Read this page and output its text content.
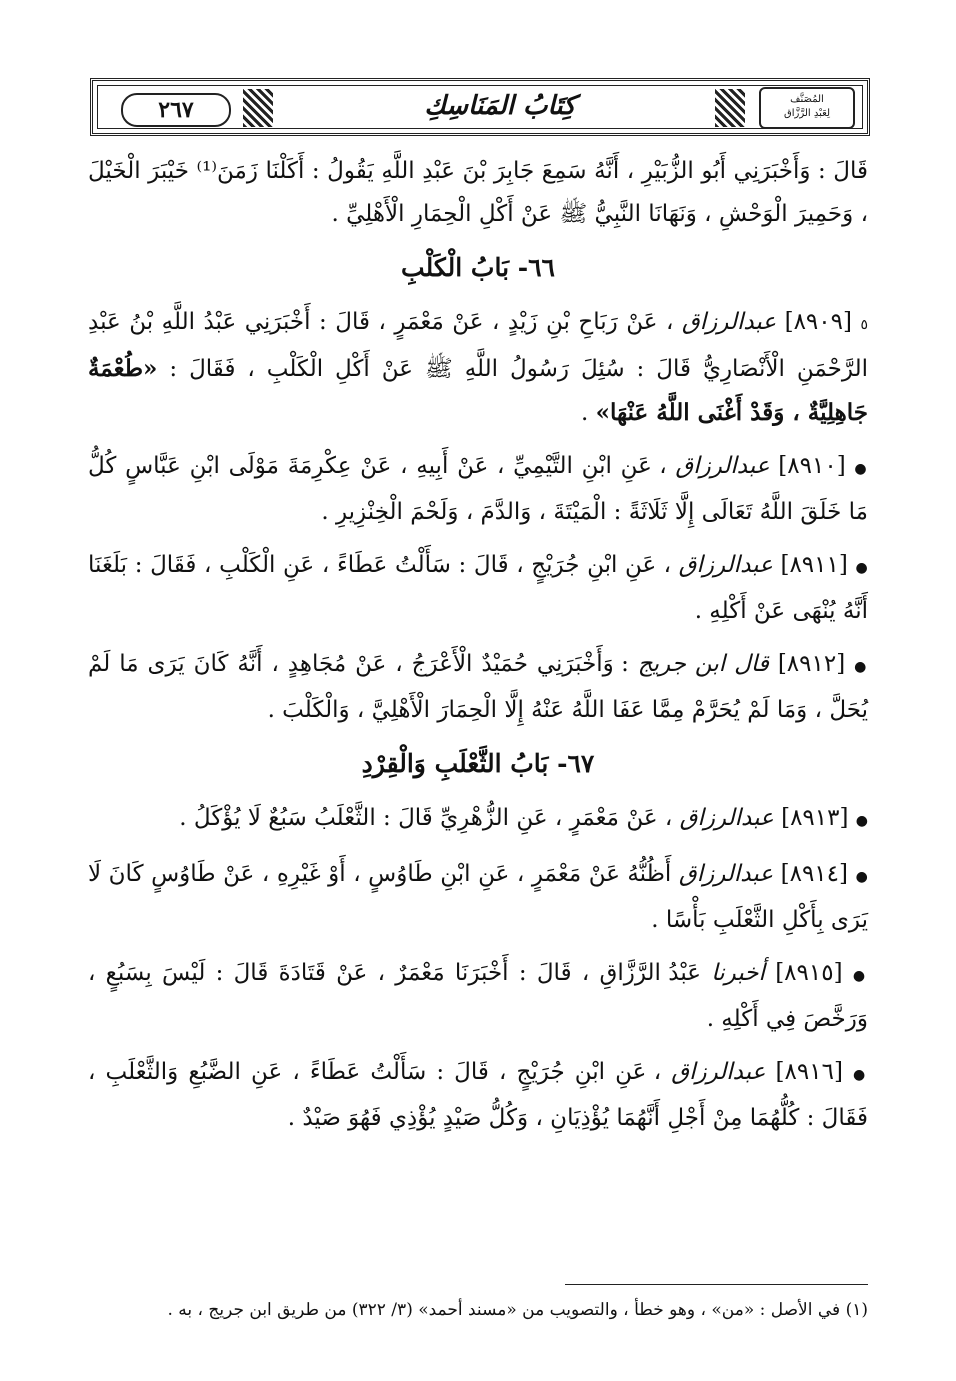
٢٦٧	كِتَابُ المَنَاسِكِ	المُصَنَّف
لِعَبْدِ الرَّزَّاق

قَالَ : وَأَخْبَرَنِي أَبُو الزُّبَيْرِ ، أَنَّهُ سَمِعَ جَابِرَ بْنَ عَبْدِ اللَّهِ يَقُولُ : أَكَلْنَا زَمَنَ⁽¹⁾ خَيْبَرَ الْخَيْلَ ، وَحَمِيرَ الْوَحْشِ ، وَنَهَانَا النَّبِيُّ ﷺ عَنْ أَكْلِ الْحِمَارِ الْأَهْلِيِّ .

٦٦- بَابُ الْكَلْبِ

٥ [٨٩٠٩] عبدالرزاق ، عَنْ رَبَاحِ بْنِ زَيْدٍ ، عَنْ مَعْمَرٍ ، قَالَ : أَخْبَرَنِي عَبْدُ اللَّهِ بْنُ عَبْدِ الرَّحْمَنِ الْأَنْصَارِيُّ قَالَ : سُئِلَ رَسُولُ اللَّهِ ﷺ عَنْ أَكْلِ الْكَلْبِ ، فَقَالَ : «طُعْمَةٌ جَاهِلِيَّةٌ ، وَقَدْ أَغْنَى اللَّهُ عَنْهَا» .

● [٨٩١٠] عبدالرزاق ، عَنِ ابْنِ التَّيْمِيِّ ، عَنْ أَبِيهِ ، عَنْ عِكْرِمَةَ مَوْلَى ابْنِ عَبَّاسٍ كُلُّ مَا خَلَقَ اللَّهُ تَعَالَى إِلَّا ثَلَاثَةً : الْمَيْتَةَ ، وَالدَّمَ ، وَلَحْمَ الْخِنْزِيرِ .

● [٨٩١١] عبدالرزاق ، عَنِ ابْنِ جُرَيْجٍ ، قَالَ : سَأَلْتُ عَطَاءً ، عَنِ الْكَلْبِ ، فَقَالَ : بَلَغَنَا أَنَّهُ يُنْهَى عَنْ أَكْلِهِ .

● [٨٩١٢] قال ابن جريج : وَأَخْبَرَنِي حُمَيْدٌ الْأَعْرَجُ ، عَنْ مُجَاهِدٍ ، أَنَّهُ كَانَ يَرَى مَا لَمْ يُحَلَّ ، وَمَا لَمْ يُحَرَّمْ مِمَّا عَفَا اللَّهُ عَنْهُ إِلَّا الْحِمَارَ الْأَهْلِيَّ ، وَالْكَلْبَ .

٦٧- بَابُ الثَّعْلَبِ وَالْقِرْدِ

● [٨٩١٣] عبدالرزاق ، عَنْ مَعْمَرٍ ، عَنِ الزُّهْرِيِّ قَالَ : الثَّعْلَبُ سَبُعٌ لَا يُؤْكَلُ .

● [٨٩١٤] عبدالرزاق أَظُنُّهُ عَنْ مَعْمَرٍ ، عَنِ ابْنِ طَاوُسٍ ، أَوْ غَيْرِهِ ، عَنْ طَاوُسٍ كَانَ لَا يَرَى بِأَكْلِ الثَّعْلَبِ بَأْسًا .

● [٨٩١٥] أخبرنا عَبْدُ الرَّزَّاقِ ، قَالَ : أَخْبَرَنَا مَعْمَرٌ ، عَنْ قَتَادَةَ قَالَ : لَيْسَ بِسَبُعٍ ، وَرَخَّصَ فِي أَكْلِهِ .

● [٨٩١٦] عبدالرزاق ، عَنِ ابْنِ جُرَيْجٍ ، قَالَ : سَأَلْتُ عَطَاءً ، عَنِ الضَّبُعِ وَالثَّعْلَبِ ، فَقَالَ : كُلُّهُمَا مِنْ أَجْلِ أَنَّهُمَا يُؤْذِيَانِ ، وَكُلُّ صَيْدٍ يُؤْذِي فَهُوَ صَيْدٌ .

(١) في الأصل : «من» ، وهو خطأ ، والتصويب من «مسند أحمد» (٣/ ٣٢٢) من طريق ابن جريج ، به .
